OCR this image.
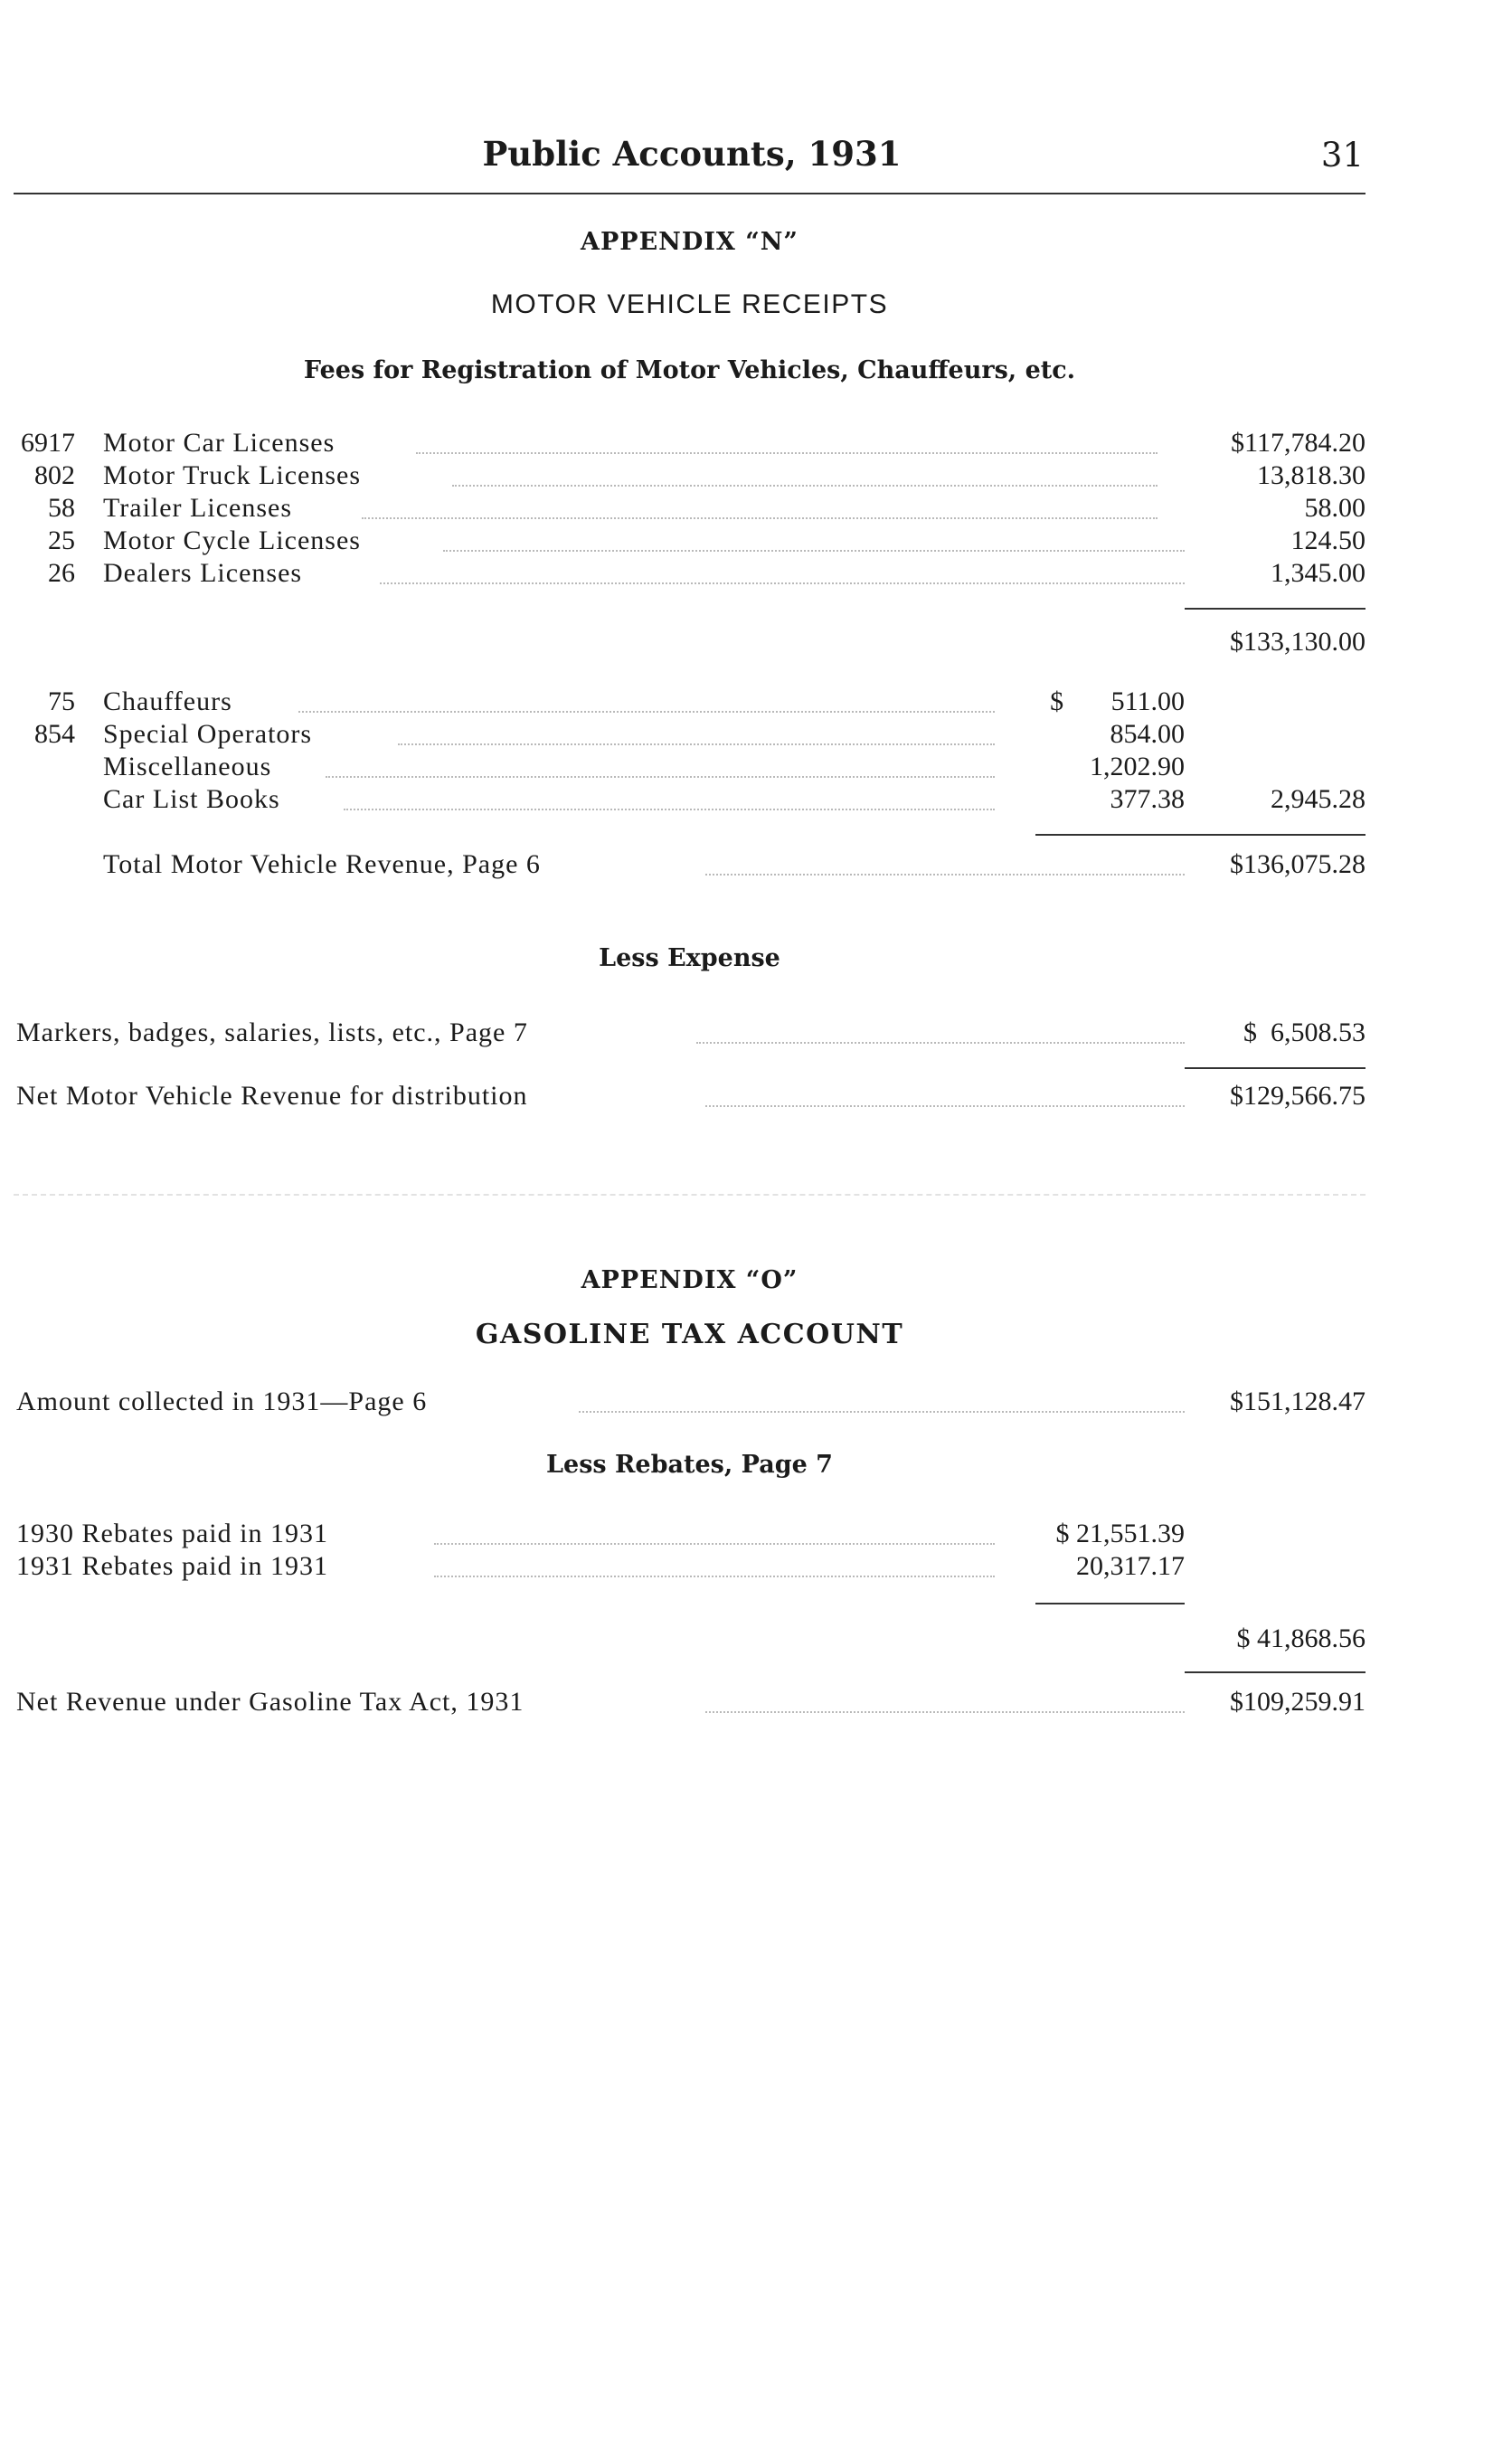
Public Accounts, 1931	31
APPENDIX “N”
MOTOR VEHICLE RECEIPTS
Fees for Registration of Motor Vehicles, Chauffeurs, etc.
6917 Motor Car Licenses	$117,784.20
802 Motor Truck Licenses	13,818.30
58 Trailer Licenses	58.00
25 Motor Cycle Licenses	124.50
26 Dealers Licenses	1,345.00
$133,130.00
75 Chauffeurs	$       511.00
854 Special Operators	854.00
Miscellaneous	1,202.90
Car List Books	377.38	2,945.28
Total Motor Vehicle Revenue, Page 6	$136,075.28
Less Expense
Markers, badges, salaries, lists, etc., Page 7	$  6,508.53
Net Motor Vehicle Revenue for distribution	$129,566.75
APPENDIX “O”
GASOLINE TAX ACCOUNT
Amount collected in 1931—Page 6	$151,128.47
Less Rebates, Page 7
1930 Rebates paid in 1931	$ 21,551.39
1931 Rebates paid in 1931	20,317.17
$ 41,868.56
Net Revenue under Gasoline Tax Act, 1931	$109,259.91
